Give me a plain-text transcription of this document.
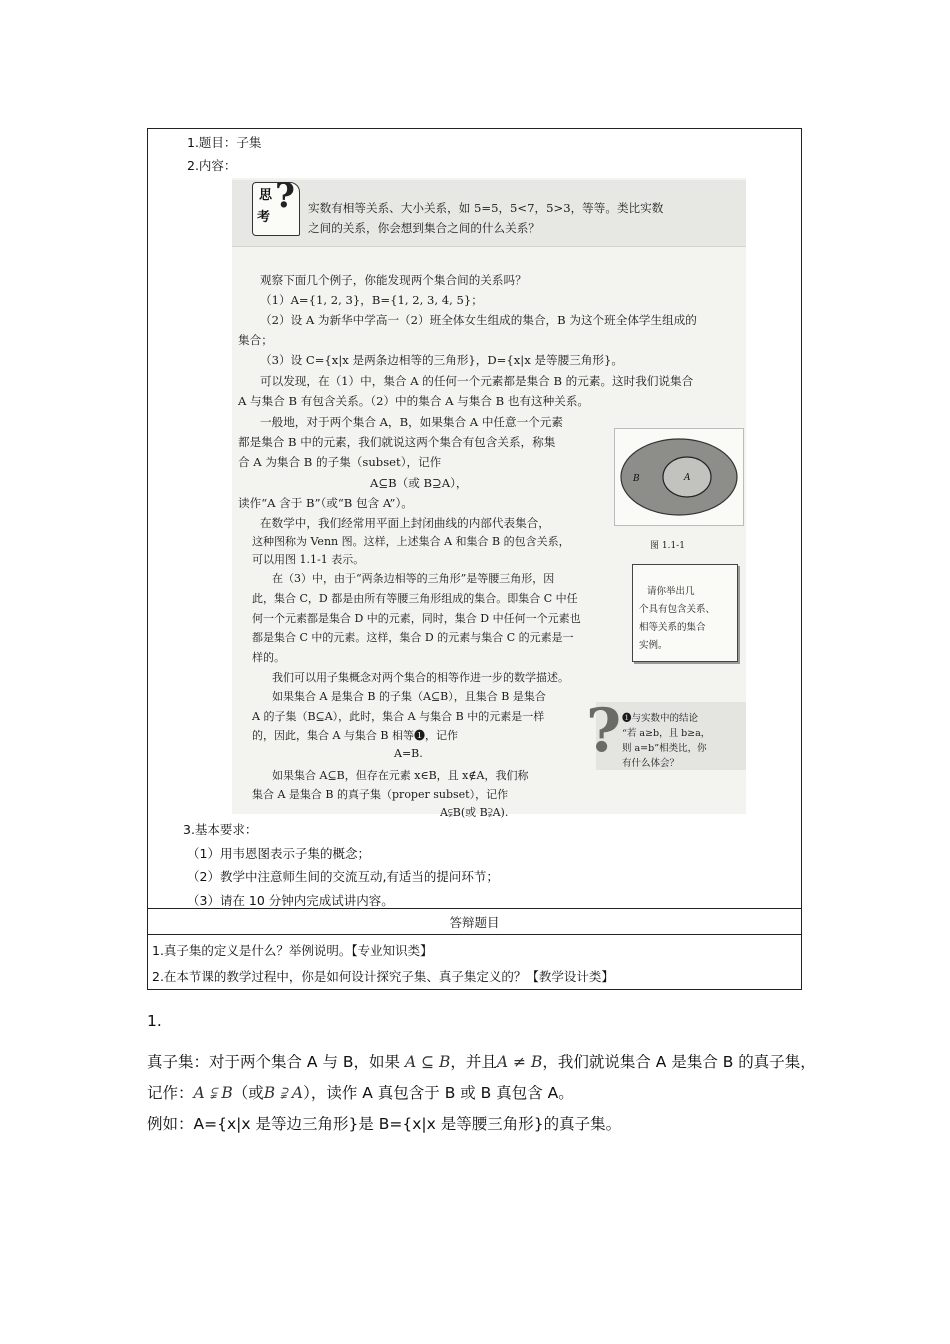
1.题目：子集
2.内容：
思
考
? 实数有相等关系、大小关系，如 5=5，5<7，5>3，等等。类比实数
之间的关系，你会想到集合之间的什么关系？
观察下面几个例子，你能发现两个集合间的关系吗？
（1）A={1, 2, 3}，B={1, 2, 3, 4, 5}；
（2）设 A 为新华中学高一（2）班全体女生组成的集合，B 为这个班全体学生组成的
集合；
（3）设 C={x|x 是两条边相等的三角形}，D={x|x 是等腰三角形}。
可以发现，在（1）中，集合 A 的任何一个元素都是集合 B 的元素。这时我们说集合
A 与集合 B 有包含关系。（2）中的集合 A 与集合 B 也有这种关系。
一般地，对于两个集合 A，B，如果集合 A 中任意一个元素
都是集合 B 中的元素，我们就说这两个集合有包含关系，称集
合 A 为集合 B 的子集（subset），记作
A⊆B（或 B⊇A），
读作“A 含于 B”（或“B 包含 A”）。
在数学中，我们经常用平面上封闭曲线的内部代表集合，
这种图称为 Venn 图。这样，上述集合 A 和集合 B 的包含关系，
可以用图 1.1-1 表示。
在（3）中，由于“两条边相等的三角形”是等腰三角形，因
此，集合 C，D 都是由所有等腰三角形组成的集合。即集合 C 中任
何一个元素都是集合 D 中的元素，同时，集合 D 中任何一个元素也
都是集合 C 中的元素。这样，集合 D 的元素与集合 C 的元素是一
样的。
我们可以用子集概念对两个集合的相等作进一步的数学描述。
如果集合 A 是集合 B 的子集（A⊆B），且集合 B 是集合
A 的子集（B⊆A），此时，集合 A 与集合 B 中的元素是一样
的，因此，集合 A 与集合 B 相等❶，记作
A=B.
如果集合 A⊆B，但存在元素 x∈B，且 x∉A，我们称
集合 A 是集合 B 的真子集（proper subset），记作
A⫋B(或 B⫌A).
B	A
图 1.1-1
请你举出几
个具有包含关系、
相等关系的集合
实例。
? ❶与实数中的结论
“若 a≥b，且 b≥a，
则 a=b”相类比，你
有什么体会？
3.基本要求：
（1）用韦恩图表示子集的概念；
（2）教学中注意师生间的交流互动,有适当的提问环节；
（3）请在 10 分钟内完成试讲内容。
答辩题目
1.真子集的定义是什么？举例说明。【专业知识类】
2.在本节课的教学过程中，你是如何设计探究子集、真子集定义的？【教学设计类】
1.
真子集：对于两个集合 A 与 B，如果 A ⊆ B，并且A ≠ B，我们就说集合 A 是集合 B 的真子集，
记作：A ⫋ B（或B ⫌ A），读作 A 真包含于 B 或 B 真包含 A。
例如：A={x|x 是等边三角形}是 B={x|x 是等腰三角形}的真子集。
